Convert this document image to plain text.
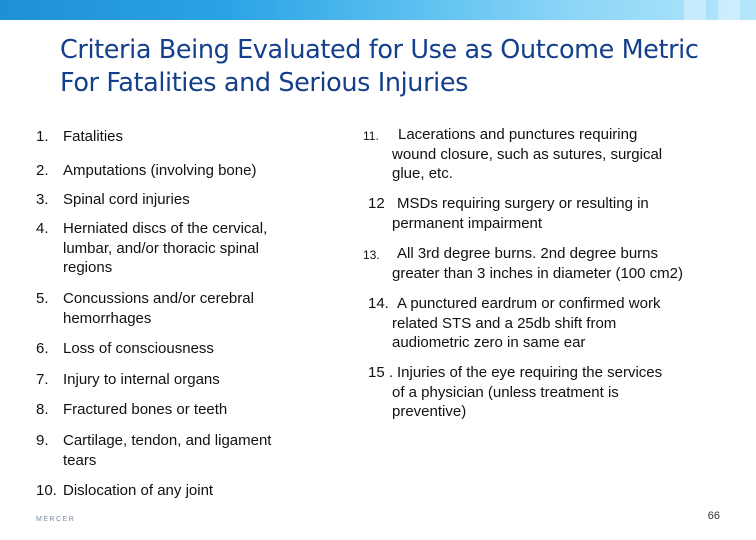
Criteria Being Evaluated for Use as Outcome Metric
For Fatalities and Serious Injuries
1. Fatalities
2. Amputations (involving bone)
3. Spinal cord injuries
4. Herniated discs of the cervical,
lumbar, and/or thoracic spinal
regions
5. Concussions and/or cerebral
hemorrhages
6. Loss of consciousness
7. Injury to internal organs
8. Fractured bones or teeth
9. Cartilage, tendon, and ligament
tears
10. Dislocation of any joint
11. Lacerations and punctures requiring
wound closure, such as sutures, surgical
glue, etc.
12 MSDs requiring surgery or resulting in
permanent impairment
13. All 3rd degree burns. 2nd degree burns
greater than 3 inches in diameter (100 cm2)
14. A punctured eardrum or confirmed work
related STS and a 25db shift from
audiometric zero in same ear
15 . Injuries of the eye requiring the services
of a physician (unless treatment is
preventive)
MERCER	66
